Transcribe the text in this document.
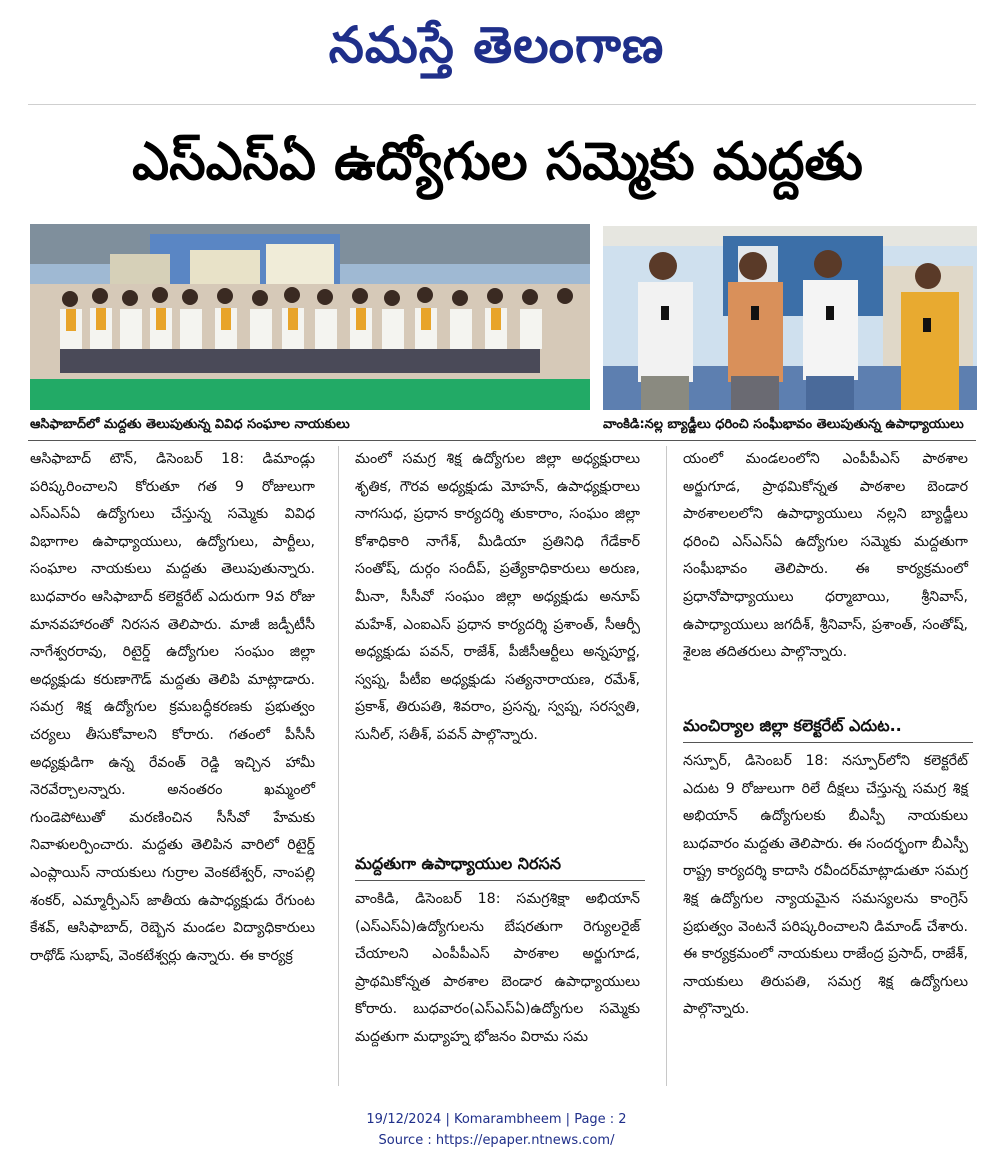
నమస్తే తెలంగాణ
ఎస్ఎస్ఏ ఉద్యోగుల సమ్మెకు మద్దతు
ఆసిఫాబాద్‌లో మద్దతు తెలుపుతున్న వివిధ సంఘాల నాయకులు	వాంకిడి:నల్ల బ్యాడ్జీలు ధరించి సంఘీభావం తెలుపుతున్న ఉపాధ్యాయులు

ఆసిఫాబాద్ టౌన్, డిసెంబర్ 18: డిమాండ్లు పరిష్కరించాలని కోరుతూ గత 9 రోజులుగా ఎస్ఎస్ఏ ఉద్యోగులు చేస్తున్న సమ్మెకు వివిధ విభాగాల ఉపాధ్యాయులు, ఉద్యోగులు, పార్టీలు, సంఘాల నాయకులు మద్దతు తెలుపుతున్నారు. బుధవారం ఆసిఫాబాద్ కలెక్టరేట్ ఎదురుగా 9వ రోజు మానవహారంతో నిరసన తెలిపారు. మాజీ జడ్పీటీసీ నాగేశ్వరరావు, రిటైర్డ్ ఉద్యోగుల సంఘం జిల్లా అధ్యక్షుడు కరుణాగౌడ్ మద్దతు తెలిపి మాట్లాడారు. సమగ్ర శిక్ష ఉద్యోగుల క్రమబద్ధీకరణకు ప్రభుత్వం చర్యలు తీసుకోవాలని కోరారు. గతంలో పీసీసీ అధ్యక్షుడిగా ఉన్న రేవంత్ రెడ్డి ఇచ్చిన హామీ నెరవేర్చాలన్నారు. అనంతరం ఖమ్మంలో గుండెపోటుతో మరణించిన సీసీవో హేమకు నివాళులర్పించారు. మద్దతు తెలిపిన వారిలో రిటైర్డ్ ఎంప్లాయిస్ నాయకులు గుర్రాల వెంకటేశ్వర్, నాంపల్లి శంకర్, ఎమ్మార్పీఎస్ జాతీయ ఉపాధ్యక్షుడు రేగుంట కేశవ్, ఆసిఫాబాద్, రెబ్బెన మండల విద్యాధికారులు రాథోడ్ సుభాష్, వెంకటేశ్వర్లు ఉన్నారు. ఈ కార్యక్ర

మంలో సమగ్ర శిక్ష ఉద్యోగుల జిల్లా అధ్యక్షురాలు శృతిక, గౌరవ అధ్యక్షుడు మోహన్, ఉపాధ్యక్షురాలు నాగసుధ, ప్రధాన కార్యదర్శి తుకారాం, సంఘం జిల్లా కోశాధికారి నాగేశ్, మీడియా ప్రతినిధి గేడేకార్ సంతోష్, దుర్గం సందీప్, ప్రత్యేకాధికారులు అరుణ, మీనా, సీసీవో సంఘం జిల్లా అధ్యక్షుడు అనూప్ మహేశ్, ఎంఐఎస్ ప్రధాన కార్యదర్శి ప్రశాంత్, సీఆర్పీ అధ్యక్షుడు పవన్, రాజేశ్, పీజీసీఆర్టీలు అన్నపూర్ణ, స్వప్న, పీటీఐ అధ్యక్షుడు సత్యనారాయణ, రమేశ్, ప్రకాశ్, తిరుపతి, శివరాం, ప్రసన్న, స్వప్న, సరస్వతి, సునీల్, సతీశ్, పవన్ పాల్గొన్నారు.

మద్దతుగా ఉపాధ్యాయుల నిరసన

వాంకిడి, డిసెంబర్ 18: సమగ్రశిక్షా అభియాన్ (ఎస్ఎస్ఏ)ఉద్యోగులను బేషరతుగా రెగ్యులరైజ్ చేయాలని ఎంపీపీఎస్ పాఠశాల అర్జుగూడ, ప్రాథమికోన్నత పాఠశాల బెండార ఉపాధ్యాయులు కోరారు. బుధవారం(ఎస్ఎస్ఏ)ఉద్యోగుల సమ్మెకు మద్దతుగా మధ్యాహ్న భోజనం విరామ సమ

యంలో మండలంలోని ఎంపీపీఎస్ పాఠశాల అర్జుగూడ, ప్రాథమికోన్నత పాఠశాల బెండార పాఠశాలలలోని ఉపాధ్యాయులు నల్లని బ్యాడ్జీలు ధరించి ఎస్ఎస్ఏ ఉద్యోగుల సమ్మెకు మద్దతుగా సంఘీభావం తెలిపారు. ఈ కార్యక్రమంలో ప్రధానోపాధ్యాయులు ధర్మాబాయి, శ్రీనివాస్, ఉపాధ్యాయులు జగదీశ్, శ్రీనివాస్, ప్రశాంత్, సంతోష్, శైలజ తదితరులు పాల్గొన్నారు.

మంచిర్యాల జిల్లా కలెక్టరేట్ ఎదుట..

నస్పూర్, డిసెంబర్ 18: నస్పూర్‌లోని కలెక్టరేట్ ఎదుట 9 రోజులుగా రిలే దీక్షలు చేస్తున్న సమగ్ర శిక్ష అభియాన్ ఉద్యోగులకు బీఎస్పీ నాయకులు బుధవారం మద్దతు తెలిపారు. ఈ సందర్భంగా బీఎస్పీ రాష్ట్ర కార్యదర్శి కాదాసి రవీందర్‌మాట్లాడుతూ సమగ్ర శిక్ష ఉద్యోగుల న్యాయమైన సమస్యలను కాంగ్రెస్ ప్రభుత్వం వెంటనే పరిష్కరించాలని డిమాండ్ చేశారు. ఈ కార్యక్రమంలో నాయకులు రాజేంద్ర ప్రసాద్, రాజేశ్, నాయకులు తిరుపతి, సమగ్ర శిక్ష ఉద్యోగులు పాల్గొన్నారు.

19/12/2024 | Komarambheem | Page : 2
Source : https://epaper.ntnews.com/
